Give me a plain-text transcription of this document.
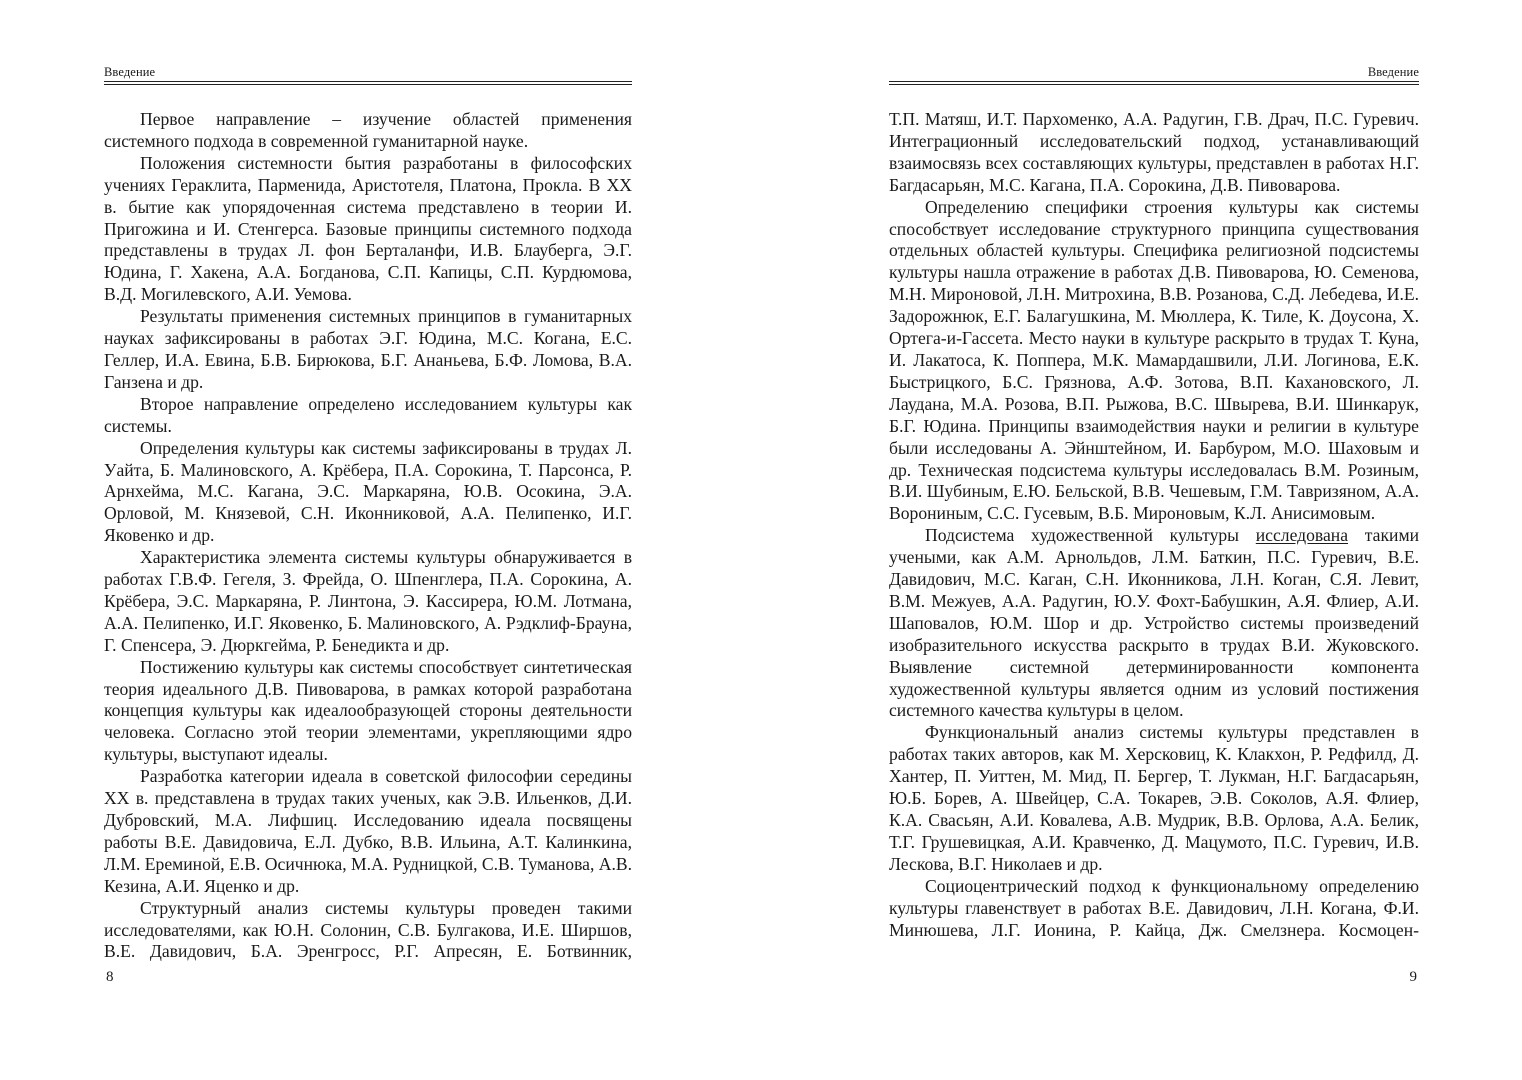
Введение

Первое направление – изучение областей применения системного подхода в современной гуманитарной науке.

Положения системности бытия разработаны в философских учениях Гераклита, Парменида, Аристотеля, Платона, Прокла. В XX в. бытие как упорядоченная система представлено в теории И. Пригожина и И. Стенгерса. Базовые принципы системного подхода представлены в трудах Л. фон Берталанфи, И.В. Блауберга, Э.Г. Юдина, Г. Хакена, А.А. Богданова, С.П. Капицы, С.П. Курдюмова, В.Д. Могилевского, А.И. Уемова.

Результаты применения системных принципов в гуманитарных науках зафиксированы в работах Э.Г. Юдина, М.С. Когана, Е.С. Геллер, И.А. Евина, Б.В. Бирюкова, Б.Г. Ананьева, Б.Ф. Ломова, В.А. Ганзена и др.

Второе направление определено исследованием культуры как системы.

Определения культуры как системы зафиксированы в трудах Л. Уайта, Б. Малиновского, А. Крёбера, П.А. Сорокина, Т. Парсонса, Р. Арнхейма, М.С. Кагана, Э.С. Маркаряна, Ю.В. Осокина, Э.А. Орловой, М. Князевой, С.Н. Иконниковой, А.А. Пелипенко, И.Г. Яковенко и др.

Характеристика элемента системы культуры обнаруживается в работах Г.В.Ф. Гегеля, З. Фрейда, О. Шпенглера, П.А. Сорокина, А. Крёбера, Э.С. Маркаряна, Р. Линтона, Э. Кассирера, Ю.М. Лотмана, А.А. Пелипенко, И.Г. Яковенко, Б. Малиновского, А. Рэдклиф-Брауна, Г. Спенсера, Э. Дюркгейма, Р. Бенедикта и др.

Постижению культуры как системы способствует синтетическая теория идеального Д.В. Пивоварова, в рамках которой разработана концепция культуры как идеалообразующей стороны деятельности человека. Согласно этой теории элементами, укрепляющими ядро культуры, выступают идеалы.

Разработка категории идеала в советской философии середины XX в. представлена в трудах таких ученых, как Э.В. Ильенков, Д.И. Дубровский, М.А. Лифшиц. Исследованию идеала посвящены работы В.Е. Давидовича, Е.Л. Дубко, В.В. Ильина, А.Т. Калинкина, Л.М. Ереминой, Е.В. Осичнюка, М.А. Рудницкой, С.В. Туманова, А.В. Кезина, А.И. Яценко и др.

Структурный анализ системы культуры проведен такими исследователями, как Ю.Н. Солонин, С.В. Булгакова, И.Е. Ширшов, В.Е. Давидович, Б.А. Эренгросс, Р.Г. Апресян, Е. Ботвинник,

8
Введение

Т.П. Матяш, И.Т. Пархоменко, А.А. Радугин, Г.В. Драч, П.С. Гуревич. Интеграционный исследовательский подход, устанавливающий взаимосвязь всех составляющих культуры, представлен в работах Н.Г. Багдасарьян, М.С. Кагана, П.А. Сорокина, Д.В. Пивоварова.

Определению специфики строения культуры как системы способствует исследование структурного принципа существования отдельных областей культуры. Специфика религиозной подсистемы культуры нашла отражение в работах Д.В. Пивоварова, Ю. Семенова, М.Н. Мироновой, Л.Н. Митрохина, В.В. Розанова, С.Д. Лебедева, И.Е. Задорожнюк, Е.Г. Балагушкина, М. Мюллера, К. Тиле, К. Доусона, Х. Ортега-и-Гассета. Место науки в культуре раскрыто в трудах Т. Куна, И. Лакатоса, К. Поппера, М.К. Мамардашвили, Л.И. Логинова, Е.К. Быстрицкого, Б.С. Грязнова, А.Ф. Зотова, В.П. Кахановского, Л. Лаудана, М.А. Розова, В.П. Рыжова, В.С. Швырева, В.И. Шинкарук, Б.Г. Юдина. Принципы взаимодействия науки и религии в культуре были исследованы А. Эйнштейном, И. Барбуром, М.О. Шаховым и др. Техническая подсистема культуры исследовалась В.М. Розиным, В.И. Шубиным, Е.Ю. Бельской, В.В. Чешевым, Г.М. Тавризяном, А.А. Ворониным, С.С. Гусевым, В.Б. Мироновым, К.Л. Анисимовым.

Подсистема художественной культуры исследована такими учеными, как А.М. Арнольдов, Л.М. Баткин, П.С. Гуревич, В.Е. Давидович, М.С. Каган, С.Н. Иконникова, Л.Н. Коган, С.Я. Левит, В.М. Межуев, А.А. Радугин, Ю.У. Фохт-Бабушкин, А.Я. Флиер, А.И. Шаповалов, Ю.М. Шор и др. Устройство системы произведений изобразительного искусства раскрыто в трудах В.И. Жуковского. Выявление системной детерминированности компонента художественной культуры является одним из условий постижения системного качества культуры в целом.

Функциональный анализ системы культуры представлен в работах таких авторов, как М. Херсковиц, К. Клакхон, Р. Редфилд, Д. Хантер, П. Уиттен, М. Мид, П. Бергер, Т. Лукман, Н.Г. Багдасарьян, Ю.Б. Борев, А. Швейцер, С.А. Токарев, Э.В. Соколов, А.Я. Флиер, К.А. Свасьян, А.И. Ковалева, А.В. Мудрик, В.В. Орлова, А.А. Белик, Т.Г. Грушевицкая, А.И. Кравченко, Д. Мацумото, П.С. Гуревич, И.В. Лескова, В.Г. Николаев и др.

Социоцентрический подход к функциональному определению культуры главенствует в работах В.Е. Давидович, Л.Н. Когана, Ф.И. Минюшева, Л.Г. Ионина, Р. Кайца, Дж. Смелзнера. Космоцен-

9
